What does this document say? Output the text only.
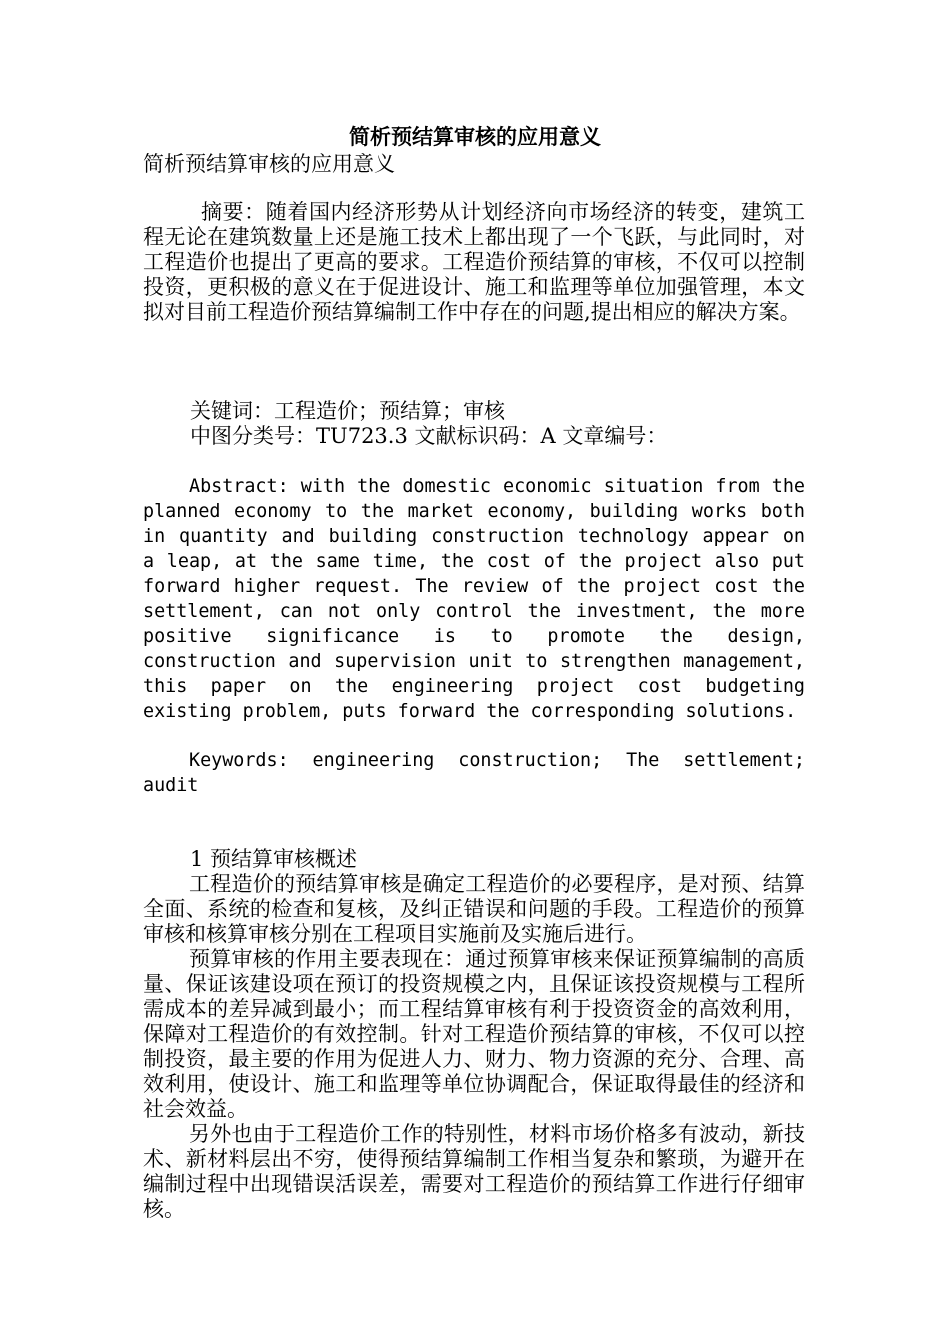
简析预结算审核的应用意义
简析预结算审核的应用意义

摘要：随着国内经济形势从计划经济向市场经济的转变，建筑工程无论在建筑数量上还是施工技术上都出现了一个飞跃，与此同时，对工程造价也提出了更高的要求。工程造价预结算的审核，不仅可以控制投资，更积极的意义在于促进设计、施工和监理等单位加强管理，本文拟对目前工程造价预结算编制工作中存在的问题,提出相应的解决方案。

关键词：工程造价；预结算；审核
中图分类号：TU723.3 文献标识码：A 文章编号：

Abstract: with the domestic economic situation from the planned economy to the market economy, building works both in quantity and building construction technology appear on a leap, at the same time, the cost of the project also put forward higher request. The review of the project cost the settlement, can not only control the investment, the more positive significance is to promote the design, construction and supervision unit to strengthen management, this paper on the engineering project cost budgeting existing problem, puts forward the corresponding solutions.

Keywords: engineering construction; The settlement; audit

1 预结算审核概述

工程造价的预结算审核是确定工程造价的必要程序，是对预、结算全面、系统的检查和复核，及纠正错误和问题的手段。工程造价的预算审核和核算审核分别在工程项目实施前及实施后进行。

预算审核的作用主要表现在：通过预算审核来保证预算编制的高质量、保证该建设项在预订的投资规模之内，且保证该投资规模与工程所需成本的差异减到最小；而工程结算审核有利于投资资金的高效利用，保障对工程造价的有效控制。针对工程造价预结算的审核，不仅可以控制投资，最主要的作用为促进人力、财力、物力资源的充分、合理、高效利用，使设计、施工和监理等单位协调配合，保证取得最佳的经济和社会效益。

另外也由于工程造价工作的特别性，材料市场价格多有波动，新技术、新材料层出不穷，使得预结算编制工作相当复杂和繁琐，为避开在编制过程中出现错误活误差，需要对工程造价的预结算工作进行仔细审核。
